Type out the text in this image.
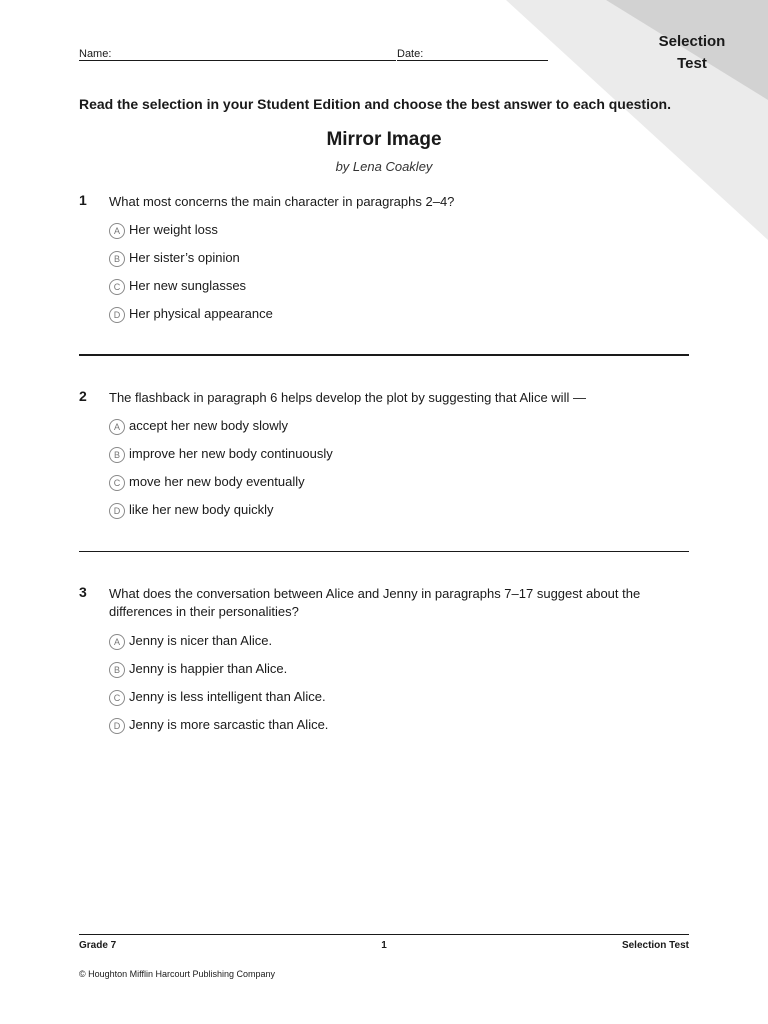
Selection
Test
Name:	Date:
Read the selection in your Student Edition and choose the best answer to each question.
Mirror Image
by Lena Coakley
1 What most concerns the main character in paragraphs 2–4?
A Her weight loss
B Her sister’s opinion
C Her new sunglasses
D Her physical appearance
2 The flashback in paragraph 6 helps develop the plot by suggesting that Alice will —
A accept her new body slowly
B improve her new body continuously
C move her new body eventually
D like her new body quickly
3 What does the conversation between Alice and Jenny in paragraphs 7–17 suggest about the differences in their personalities?
A Jenny is nicer than Alice.
B Jenny is happier than Alice.
C Jenny is less intelligent than Alice.
D Jenny is more sarcastic than Alice.
Grade 7	1	Selection Test
© Houghton Mifflin Harcourt Publishing Company
